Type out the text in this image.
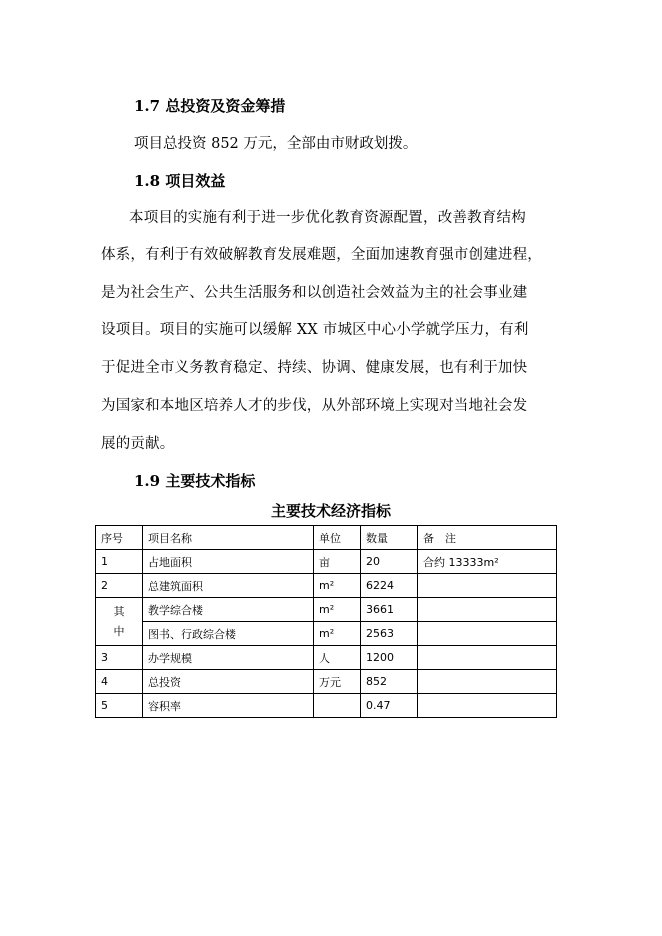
1.7 总投资及资金筹措
项目总投资 852 万元，全部由市财政划拨。
1.8 项目效益
本项目的实施有利于进一步优化教育资源配置，改善教育结构
体系，有利于有效破解教育发展难题，全面加速教育强市创建进程，
是为社会生产、公共生活服务和以创造社会效益为主的社会事业建
设项目。项目的实施可以缓解 XX 市城区中心小学就学压力，有利
于促进全市义务教育稳定、持续、协调、健康发展，也有利于加快
为国家和本地区培养人才的步伐，从外部环境上实现对当地社会发
展的贡献。
1.9 主要技术指标
主要技术经济指标
序号	项目名称	单位	数量	备　注
1	占地面积	亩	20	合约 13333m²
2	总建筑面积	m²	6224	
其中	教学综合楼	m²	3661	
	图书、行政综合楼	m²	2563	
3	办学规模	人	1200	
4	总投资	万元	852	
5	容积率		0.47	
